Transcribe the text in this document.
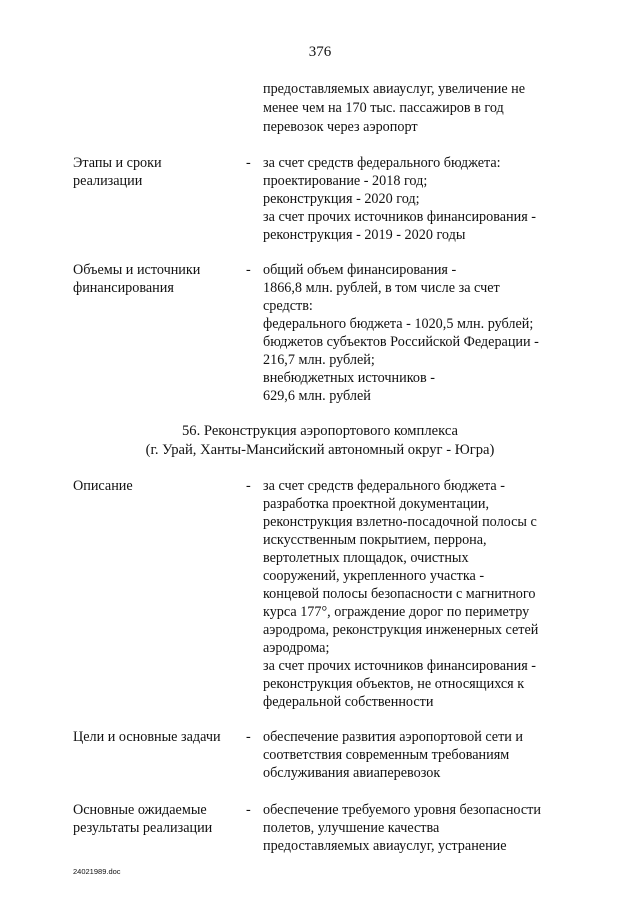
376
предоставляемых авиауслуг, увеличение не
менее чем на 170 тыс. пассажиров в год
перевозок через аэропорт
Этапы и сроки
реализации
- за счет средств федерального бюджета:
проектирование - 2018 год;
реконструкция - 2020 год;
за счет прочих источников финансирования -
реконструкция - 2019 - 2020 годы
Объемы и источники
финансирования
- общий объем финансирования -
1866,8 млн. рублей, в том числе за счет
средств:
федерального бюджета - 1020,5 млн. рублей;
бюджетов субъектов Российской Федерации -
216,7 млн. рублей;
внебюджетных источников -
629,6 млн. рублей
56. Реконструкция аэропортового комплекса
(г. Урай, Ханты-Мансийский автономный округ - Югра)
Описание	- за счет средств федерального бюджета -
разработка проектной документации,
реконструкция взлетно-посадочной полосы с
искусственным покрытием, перрона,
вертолетных площадок, очистных
сооружений, укрепленного участка -
концевой полосы безопасности с магнитного
курса 177°, ограждение дорог по периметру
аэродрома, реконструкция инженерных сетей
аэродрома;
за счет прочих источников финансирования -
реконструкция объектов, не относящихся к
федеральной собственности
Цели и основные задачи - обеспечение развития аэропортовой сети и
соответствия современным требованиям
обслуживания авиаперевозок
Основные ожидаемые
результаты реализации
- обеспечение требуемого уровня безопасности
полетов, улучшение качества
предоставляемых авиауслуг, устранение
24021989.doc
